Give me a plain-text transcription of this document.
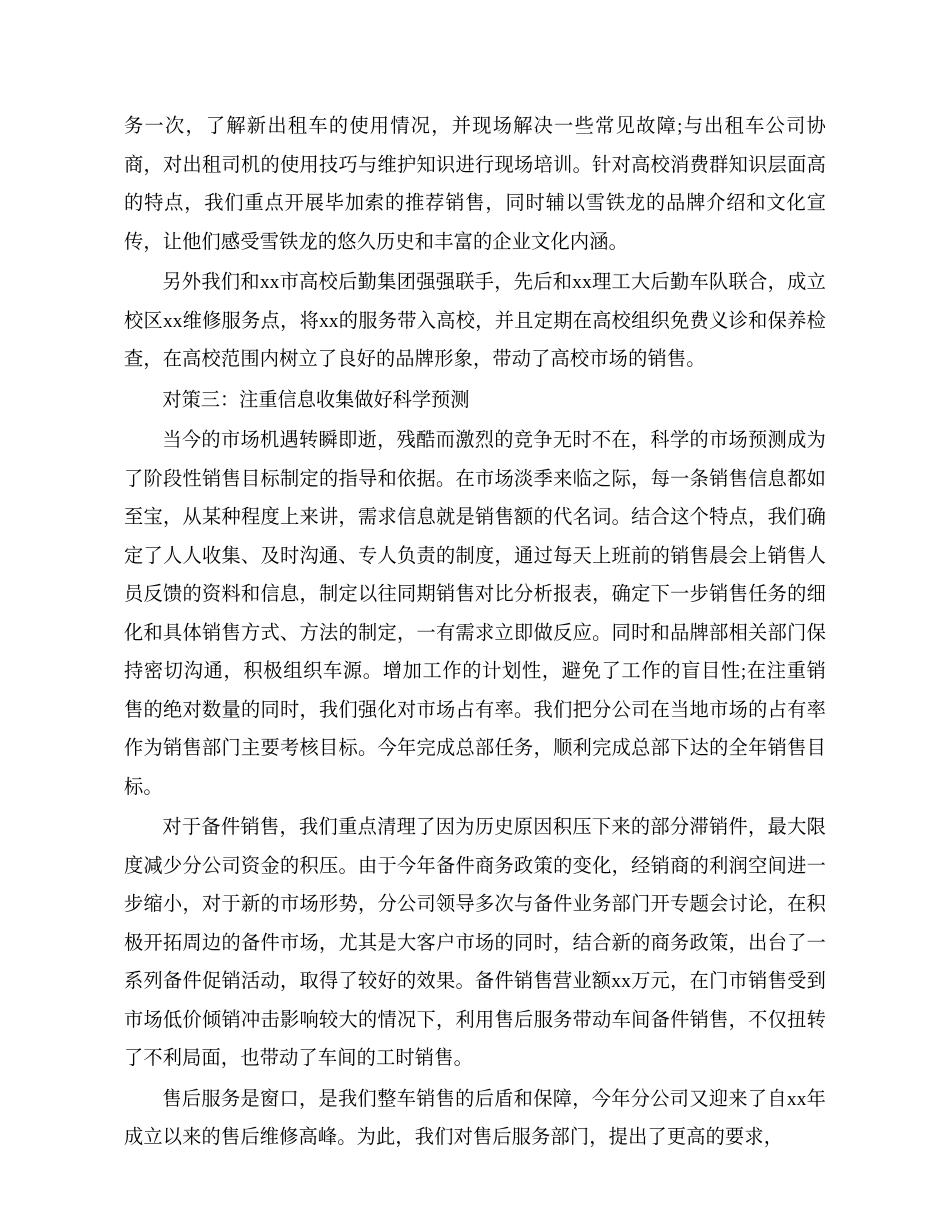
务一次，了解新出租车的使用情况，并现场解决一些常见故障;与出租车公司协商，对出租司机的使用技巧与维护知识进行现场培训。针对高校消费群知识层面高的特点，我们重点开展毕加索的推荐销售，同时辅以雪铁龙的品牌介绍和文化宣传，让他们感受雪铁龙的悠久历史和丰富的企业文化内涵。

另外我们和xx市高校后勤集团强强联手，先后和xx理工大后勤车队联合，成立校区xx维修服务点，将xx的服务带入高校，并且定期在高校组织免费义诊和保养检查，在高校范围内树立了良好的品牌形象，带动了高校市场的销售。

对策三：注重信息收集做好科学预测

当今的市场机遇转瞬即逝，残酷而激烈的竞争无时不在，科学的市场预测成为了阶段性销售目标制定的指导和依据。在市场淡季来临之际，每一条销售信息都如至宝，从某种程度上来讲，需求信息就是销售额的代名词。结合这个特点，我们确定了人人收集、及时沟通、专人负责的制度，通过每天上班前的销售晨会上销售人员反馈的资料和信息，制定以往同期销售对比分析报表，确定下一步销售任务的细化和具体销售方式、方法的制定，一有需求立即做反应。同时和品牌部相关部门保持密切沟通，积极组织车源。增加工作的计划性，避免了工作的盲目性;在注重销售的绝对数量的同时，我们强化对市场占有率。我们把分公司在当地市场的占有率作为销售部门主要考核目标。今年完成总部任务，顺利完成总部下达的全年销售目标。

对于备件销售，我们重点清理了因为历史原因积压下来的部分滞销件，最大限度减少分公司资金的积压。由于今年备件商务政策的变化，经销商的利润空间进一步缩小，对于新的市场形势，分公司领导多次与备件业务部门开专题会讨论，在积极开拓周边的备件市场，尤其是大客户市场的同时，结合新的商务政策，出台了一系列备件促销活动，取得了较好的效果。备件销售营业额xx万元，在门市销售受到市场低价倾销冲击影响较大的情况下，利用售后服务带动车间备件销售，不仅扭转了不利局面，也带动了车间的工时销售。

售后服务是窗口，是我们整车销售的后盾和保障，今年分公司又迎来了自xx年成立以来的售后维修高峰。为此，我们对售后服务部门，提出了更高的要求，
